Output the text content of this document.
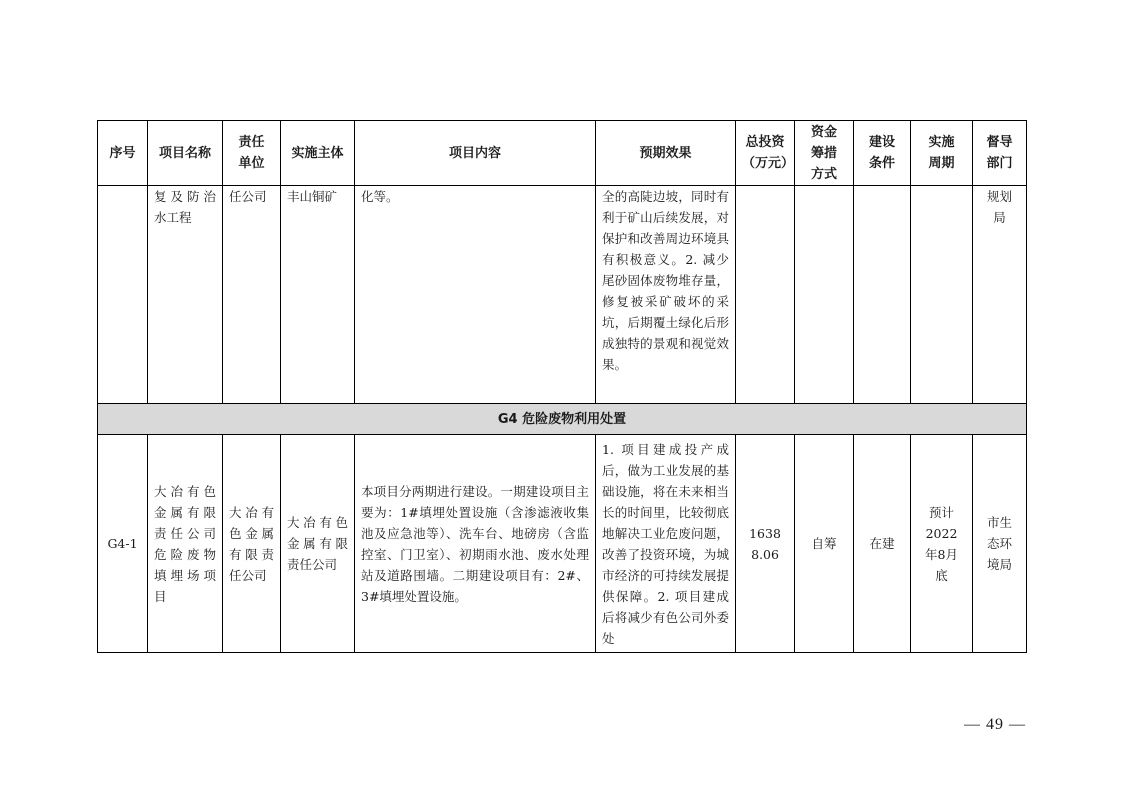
序号	项目名称	责任单位	实施主体	项目内容	预期效果	总投资（万元）	资金筹措方式	建设条件	实施周期	督导部门
	复及防治水工程	任公司	丰山铜矿	化等。	全的高陡边坡，同时有利于矿山后续发展，对保护和改善周边环境具有积极意义。2. 减少尾砂固体废物堆存量，修复被采矿破坏的采坑，后期覆土绿化后形成独特的景观和视觉效果。					规划局
G4 危险废物利用处置										
G4-1	大冶有色金属有限责任公司危险废物填埋场项目	大冶有色金属有限责任公司	大冶有色金属有限责任公司	本项目分两期进行建设。一期建设项目主要为：1#填埋处置设施（含渗滤液收集池及应急池等）、洗车台、地磅房（含监控室、门卫室）、初期雨水池、废水处理站及道路围墙。二期建设项目有：2#、3#填埋处置设施。	1. 项目建成投产成后，做为工业发展的基础设施，将在未来相当长的时间里，比较彻底地解决工业危废问题，改善了投资环境，为城市经济的可持续发展提供保障。2. 项目建成后将减少有色公司外委处	16388.06	自筹	在建	预计2022年8月底	市生态环境局
— 49 —
